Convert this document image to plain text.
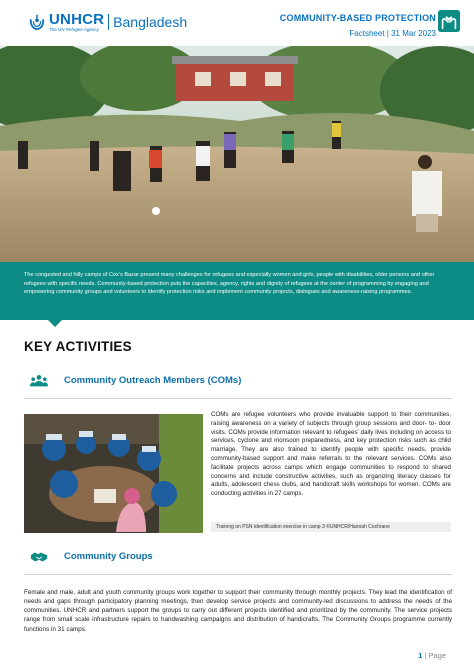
UNHCR
The UN Refugee Agency	Bangladesh	COMMUNITY-BASED PROTECTION
Factsheet | 31 Mar 2023

The congested and hilly camps of Cox’s Bazar present many challenges for refugees and especially women and girls, people with disabilities, older persons and other refugees with specific needs. Community-based protection puts the capacities, agency, rights and dignity of refugees at the center of programming by engaging and empowering community groups and volunteers to identify protection risks and implement community projects, dialogues and awareness-raising programmes.

KEY ACTIVITIES
Community Outreach Members (COMs)

COMs are refugee volunteers who provide invaluable support to their communities, raising awareness on a variety of subjects through group sessions and door- to- door visits. COMs provide information relevant to refugees’ daily lives including on access to services, cyclone and monsoon preparedness, and key protection risks such as child marriage. They are also trained to identify people with specific needs, provide community-based support and make referrals to the relevant services. COMs also facilitate projects across camps which engage communities to respond to shared concerns and include constructive activities, such as organizing literacy classes for adults, adolescent chess clubs, and handicraft skills workshops for women. COMs are conducting activities in 27 camps.

Training on PSN identification exercise in camp 3 ©UNHCR/Hannah Cochrane
Community Groups

Female and male, adult and youth community groups work together to support their community through monthly projects. They lead the identification of needs and gaps through participatory planning meetings, then develop service projects and community-led discussions to address the needs of the communities. UNHCR and partners support the groups to carry out different projects identified and prioritized by the community. The service projects range from small scale infrastructure repairs to handwashing campaigns and distribution of handicrafts. The Community Groups programme currently functions in 31 camps.

1 | Page
